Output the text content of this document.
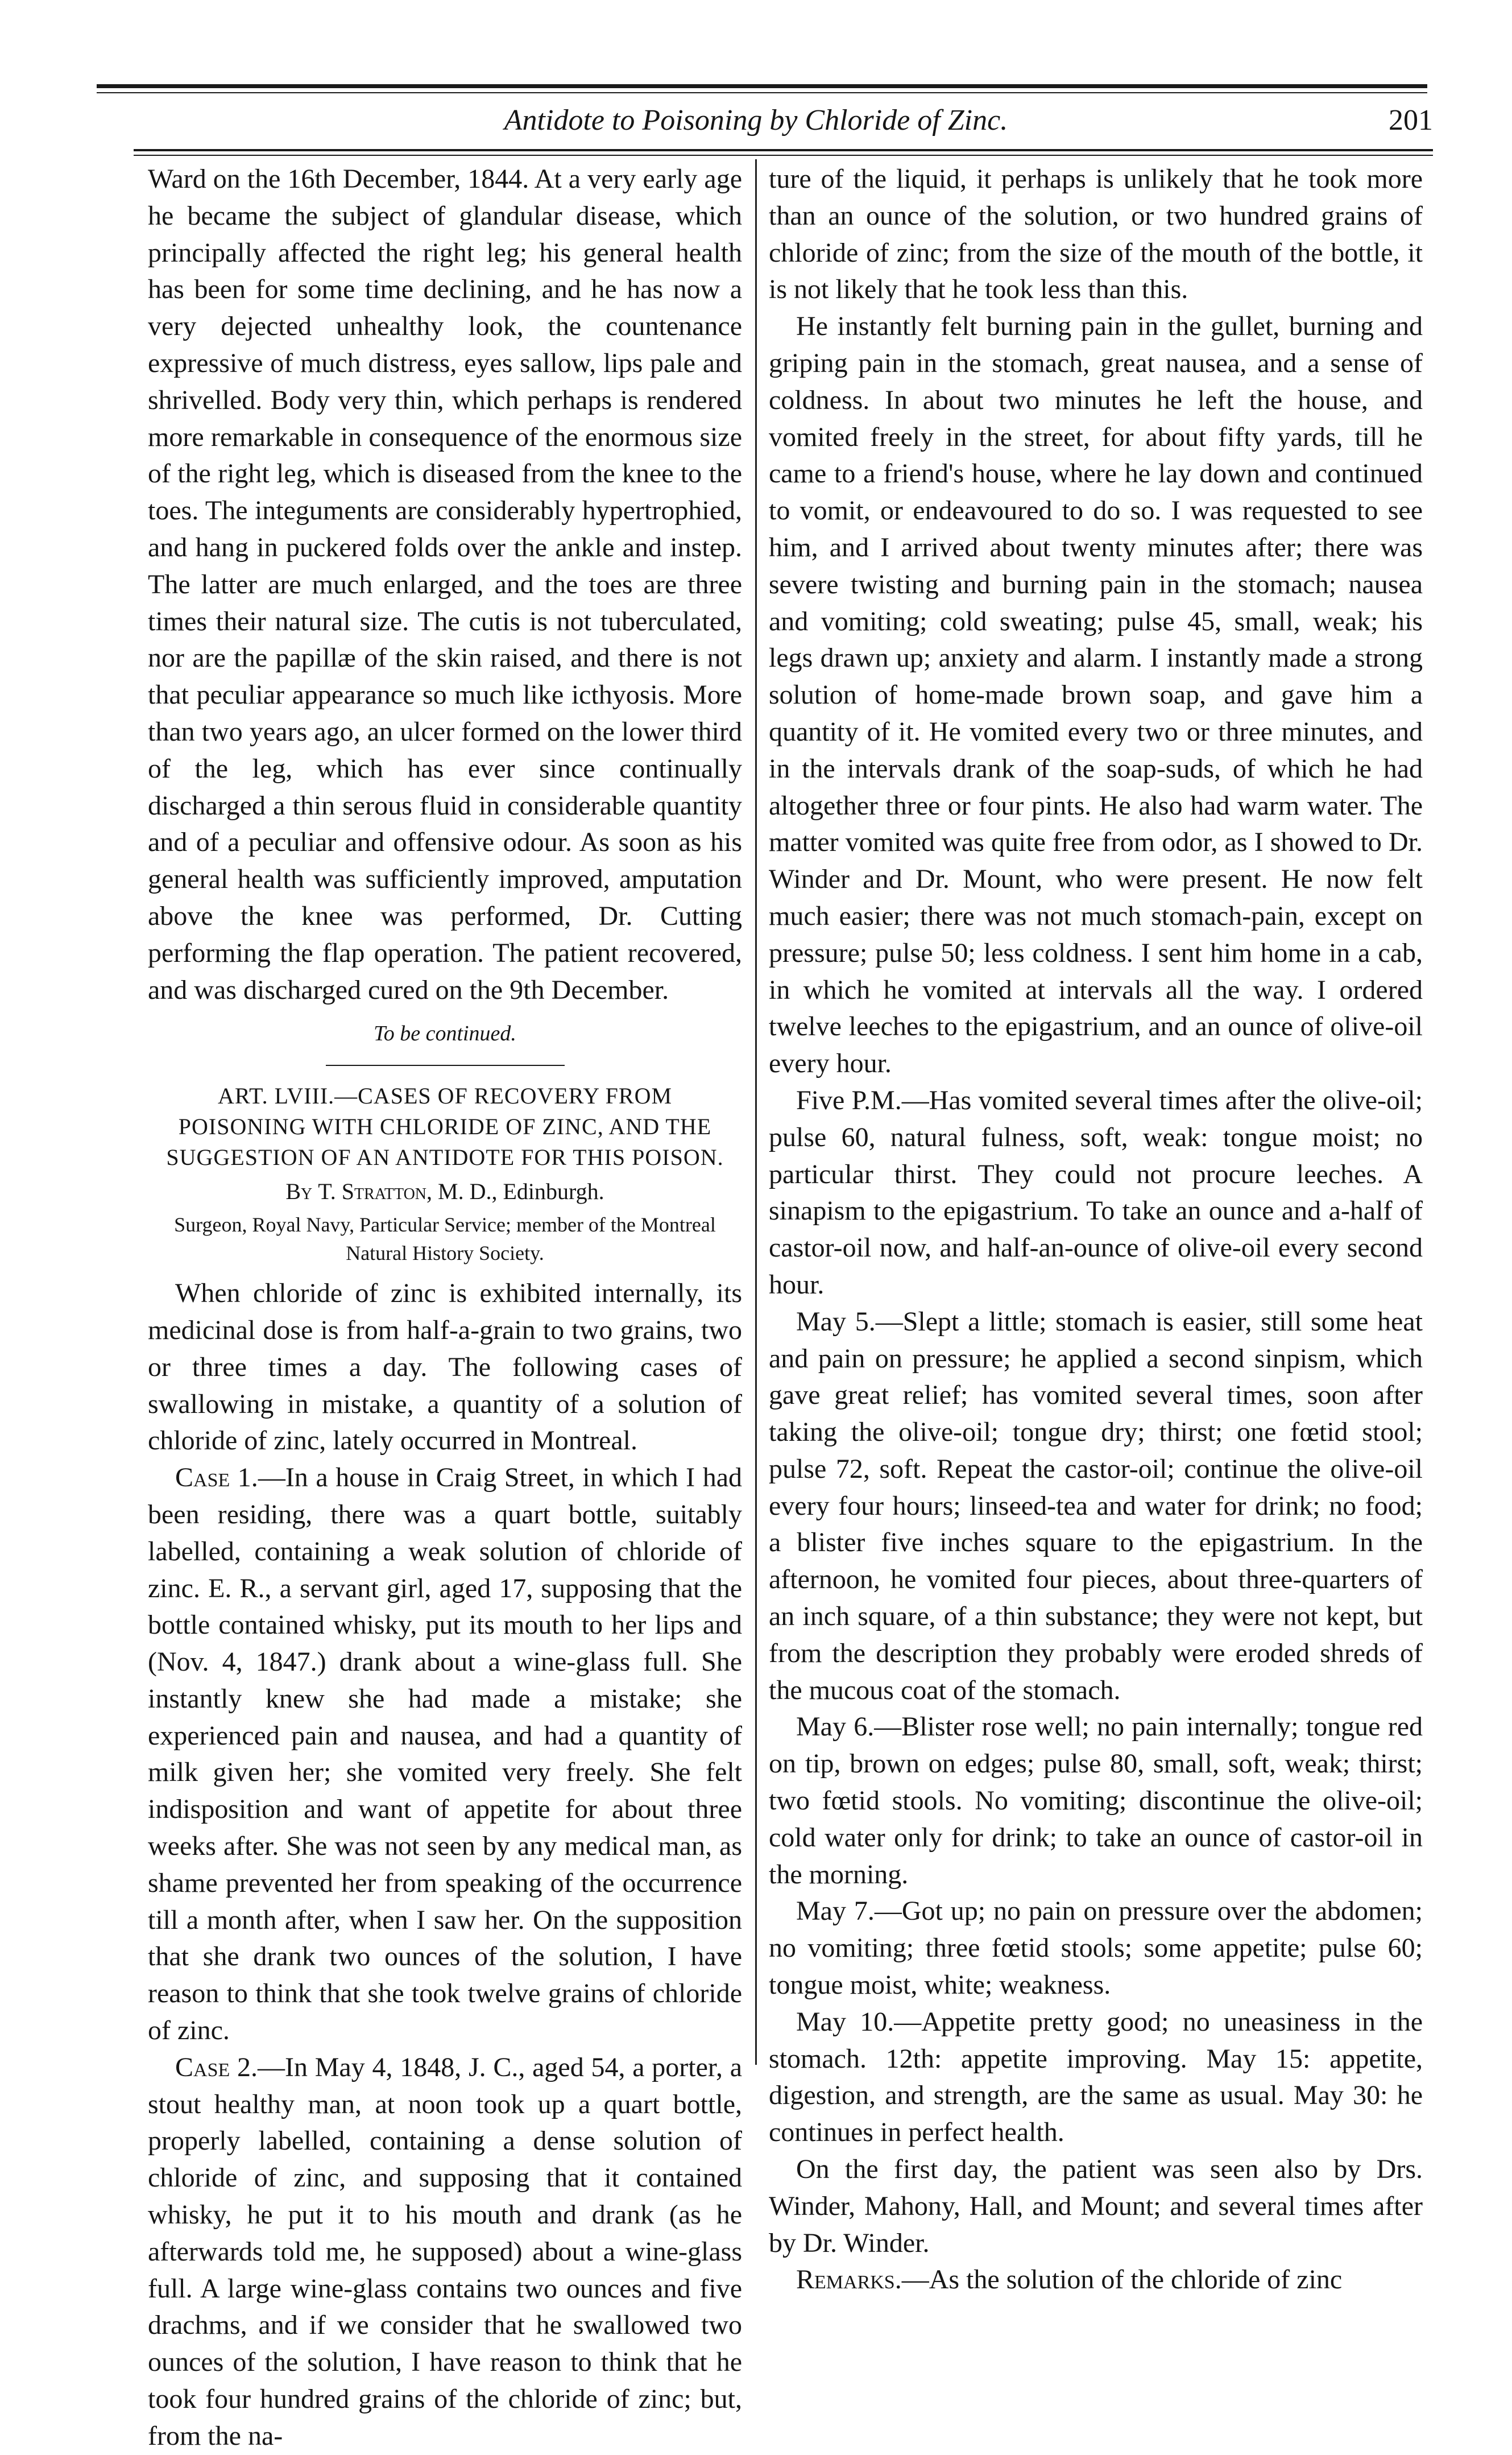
Antidote to Poisoning by Chloride of Zinc.	201

Ward on the 16th December, 1844. At a very early age he became the subject of glandular disease, which principally affected the right leg; his general health has been for some time declining, and he has now a very dejected unhealthy look, the countenance expressive of much distress, eyes sallow, lips pale and shrivelled. Body very thin, which perhaps is rendered more remarkable in consequence of the enormous size of the right leg, which is diseased from the knee to the toes. The integuments are considerably hypertrophied, and hang in puckered folds over the ankle and instep. The latter are much enlarged, and the toes are three times their natural size. The cutis is not tuberculated, nor are the papillæ of the skin raised, and there is not that peculiar appearance so much like icthyosis. More than two years ago, an ulcer formed on the lower third of the leg, which has ever since continually discharged a thin serous fluid in considerable quantity and of a peculiar and offensive odour. As soon as his general health was sufficiently improved, amputation above the knee was performed, Dr. Cutting performing the flap operation. The patient recovered, and was discharged cured on the 9th December.

To be continued.
ART. LVIII.—CASES OF RECOVERY FROM POISONING WITH CHLORIDE OF ZINC, AND THE SUGGESTION OF AN ANTIDOTE FOR THIS POISON.
By T. Stratton, M. D., Edinburgh.
Surgeon, Royal Navy, Particular Service; member of the Montreal Natural History Society.

When chloride of zinc is exhibited internally, its medicinal dose is from half-a-grain to two grains, two or three times a day. The following cases of swallowing in mistake, a quantity of a solution of chloride of zinc, lately occurred in Montreal.

Case 1.—In a house in Craig Street, in which I had been residing, there was a quart bottle, suitably labelled, containing a weak solution of chloride of zinc. E. R., a servant girl, aged 17, supposing that the bottle contained whisky, put its mouth to her lips and (Nov. 4, 1847.) drank about a wine-glass full. She instantly knew she had made a mistake; she experienced pain and nausea, and had a quantity of milk given her; she vomited very freely. She felt indisposition and want of appetite for about three weeks after. She was not seen by any medical man, as shame prevented her from speaking of the occurrence till a month after, when I saw her. On the supposition that she drank two ounces of the solution, I have reason to think that she took twelve grains of chloride of zinc.

Case 2.—In May 4, 1848, J. C., aged 54, a porter, a stout healthy man, at noon took up a quart bottle, properly labelled, containing a dense solution of chloride of zinc, and supposing that it contained whisky, he put it to his mouth and drank (as he afterwards told me, he supposed) about a wine-glass full. A large wine-glass contains two ounces and five drachms, and if we consider that he swallowed two ounces of the solution, I have reason to think that he took four hundred grains of the chloride of zinc; but, from the na-

ture of the liquid, it perhaps is unlikely that he took more than an ounce of the solution, or two hundred grains of chloride of zinc; from the size of the mouth of the bottle, it is not likely that he took less than this.

He instantly felt burning pain in the gullet, burning and griping pain in the stomach, great nausea, and a sense of coldness. In about two minutes he left the house, and vomited freely in the street, for about fifty yards, till he came to a friend's house, where he lay down and continued to vomit, or endeavoured to do so. I was requested to see him, and I arrived about twenty minutes after; there was severe twisting and burning pain in the stomach; nausea and vomiting; cold sweating; pulse 45, small, weak; his legs drawn up; anxiety and alarm. I instantly made a strong solution of home-made brown soap, and gave him a quantity of it. He vomited every two or three minutes, and in the intervals drank of the soap-suds, of which he had altogether three or four pints. He also had warm water. The matter vomited was quite free from odor, as I showed to Dr. Winder and Dr. Mount, who were present. He now felt much easier; there was not much stomach-pain, except on pressure; pulse 50; less coldness. I sent him home in a cab, in which he vomited at intervals all the way. I ordered twelve leeches to the epigastrium, and an ounce of olive-oil every hour.

Five P.M.—Has vomited several times after the olive-oil; pulse 60, natural fulness, soft, weak: tongue moist; no particular thirst. They could not procure leeches. A sinapism to the epigastrium. To take an ounce and a-half of castor-oil now, and half-an-ounce of olive-oil every second hour.

May 5.—Slept a little; stomach is easier, still some heat and pain on pressure; he applied a second sinpism, which gave great relief; has vomited several times, soon after taking the olive-oil; tongue dry; thirst; one fœtid stool; pulse 72, soft. Repeat the castor-oil; continue the olive-oil every four hours; linseed-tea and water for drink; no food; a blister five inches square to the epigastrium. In the afternoon, he vomited four pieces, about three-quarters of an inch square, of a thin substance; they were not kept, but from the description they probably were eroded shreds of the mucous coat of the stomach.

May 6.—Blister rose well; no pain internally; tongue red on tip, brown on edges; pulse 80, small, soft, weak; thirst; two fœtid stools. No vomiting; discontinue the olive-oil; cold water only for drink; to take an ounce of castor-oil in the morning.

May 7.—Got up; no pain on pressure over the abdomen; no vomiting; three fœtid stools; some appetite; pulse 60; tongue moist, white; weakness.

May 10.—Appetite pretty good; no uneasiness in the stomach. 12th: appetite improving. May 15: appetite, digestion, and strength, are the same as usual. May 30: he continues in perfect health.

On the first day, the patient was seen also by Drs. Winder, Mahony, Hall, and Mount; and several times after by Dr. Winder.

Remarks.—As the solution of the chloride of zinc
